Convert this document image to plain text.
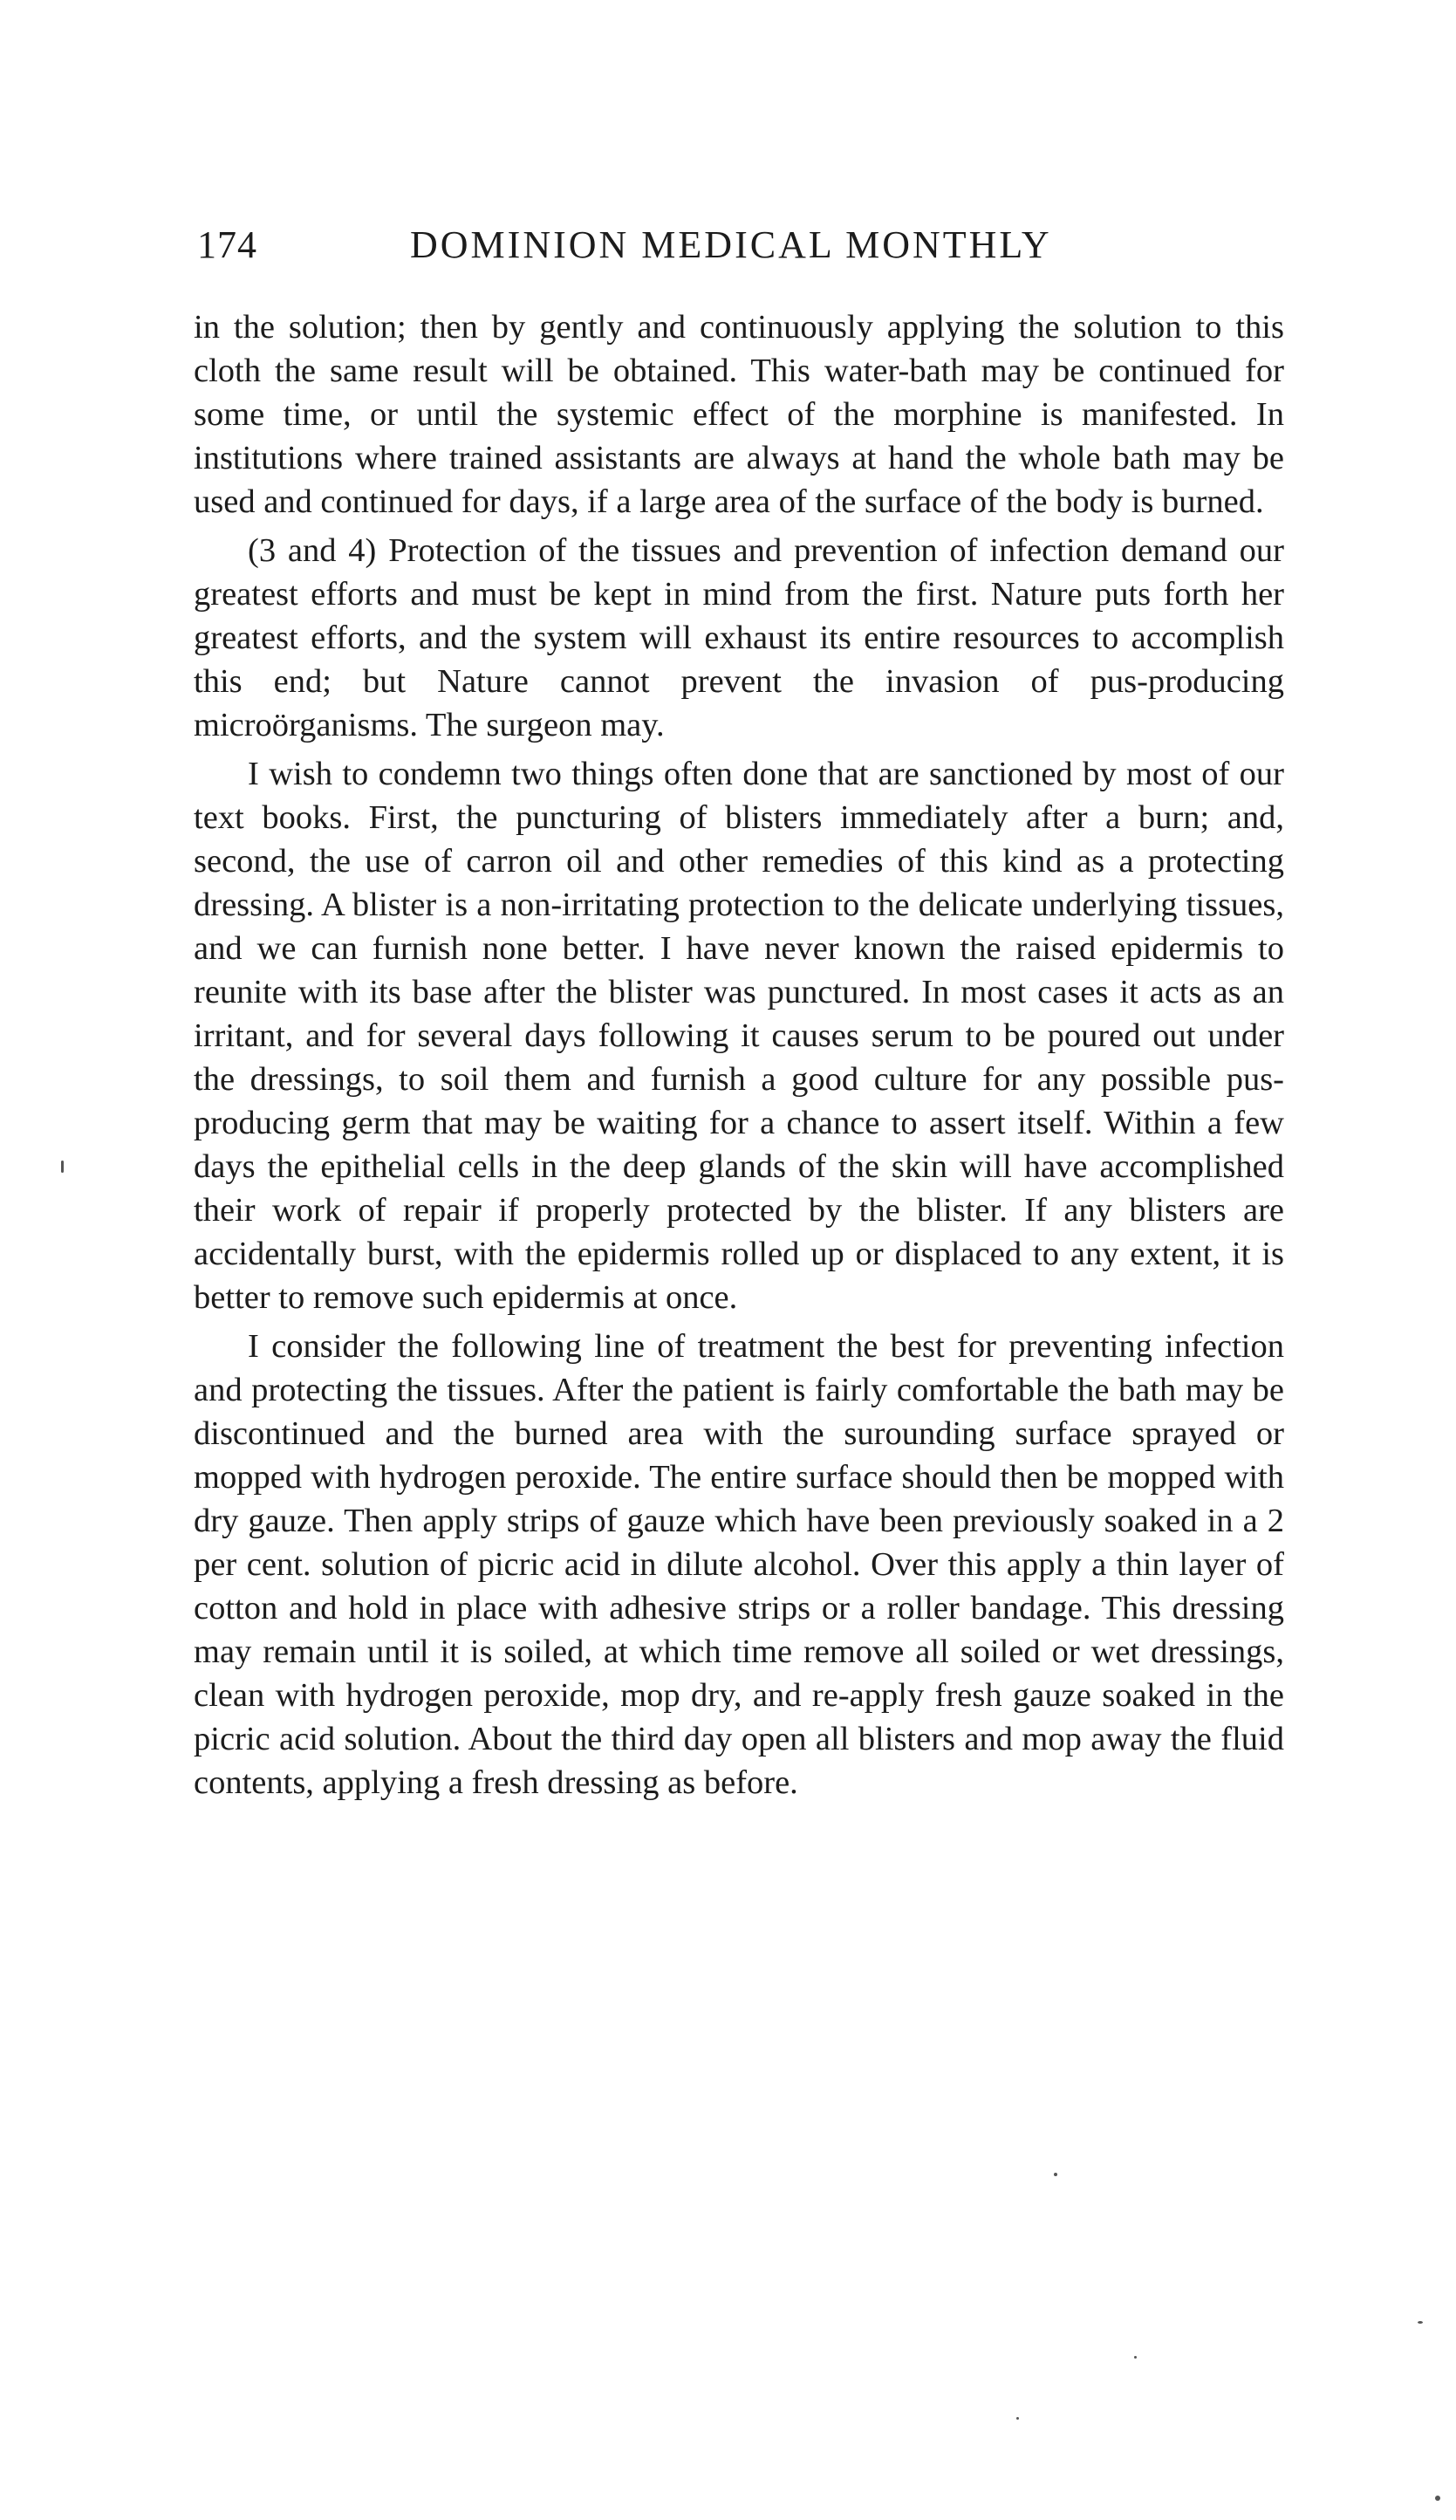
174	DOMINION MEDICAL MONTHLY

in the solution; then by gently and continuously applying the solution to this cloth the same result will be obtained. This water-bath may be continued for some time, or until the systemic effect of the morphine is manifested. In institutions where trained assistants are always at hand the whole bath may be used and continued for days, if a large area of the surface of the body is burned.

(3 and 4) Protection of the tissues and prevention of infection demand our greatest efforts and must be kept in mind from the first. Nature puts forth her greatest efforts, and the system will exhaust its entire resources to accomplish this end; but Nature cannot prevent the invasion of pus-producing microörganisms. The surgeon may.

I wish to condemn two things often done that are sanctioned by most of our text books. First, the puncturing of blisters immediately after a burn; and, second, the use of carron oil and other remedies of this kind as a protecting dressing. A blister is a non-irritating protection to the delicate underlying tissues, and we can furnish none better. I have never known the raised epidermis to reunite with its base after the blister was punctured. In most cases it acts as an irritant, and for several days following it causes serum to be poured out under the dressings, to soil them and furnish a good culture for any possible pus-producing germ that may be waiting for a chance to assert itself. Within a few days the epithelial cells in the deep glands of the skin will have accomplished their work of repair if properly protected by the blister. If any blisters are accidentally burst, with the epidermis rolled up or displaced to any extent, it is better to remove such epidermis at once.

I consider the following line of treatment the best for preventing infection and protecting the tissues. After the patient is fairly comfortable the bath may be discontinued and the burned area with the surounding surface sprayed or mopped with hydrogen peroxide. The entire surface should then be mopped with dry gauze. Then apply strips of gauze which have been previously soaked in a 2 per cent. solution of picric acid in dilute alcohol. Over this apply a thin layer of cotton and hold in place with adhesive strips or a roller bandage. This dressing may remain until it is soiled, at which time remove all soiled or wet dressings, clean with hydrogen peroxide, mop dry, and re-apply fresh gauze soaked in the picric acid solution. About the third day open all blisters and mop away the fluid contents, applying a fresh dressing as before.
